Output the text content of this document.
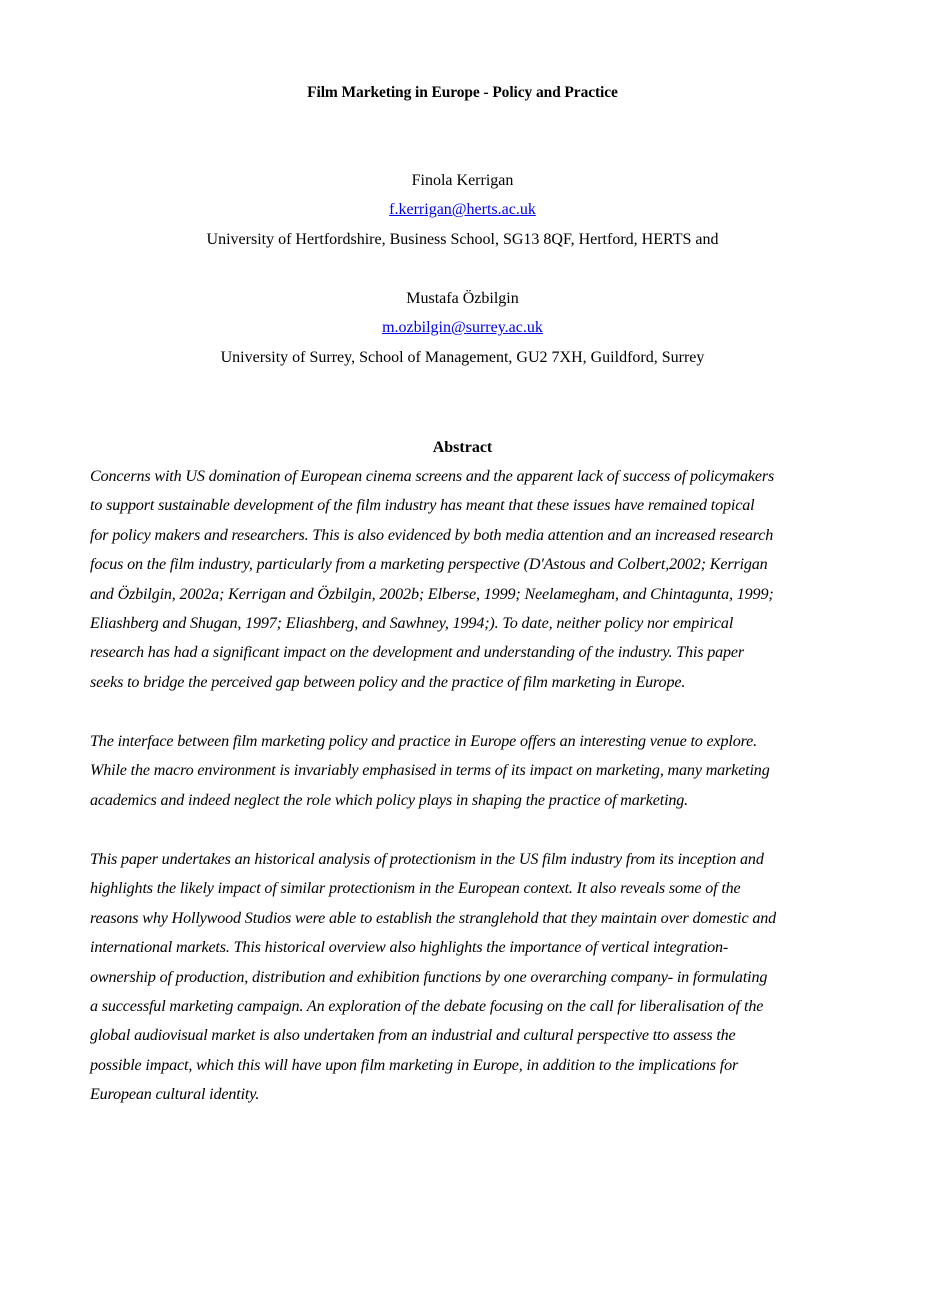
Film Marketing in Europe - Policy and Practice
Finola Kerrigan
f.kerrigan@herts.ac.uk
University of Hertfordshire, Business School, SG13 8QF, Hertford, HERTS and
Mustafa Özbilgin
m.ozbilgin@surrey.ac.uk
University of Surrey, School of Management, GU2 7XH, Guildford, Surrey
Abstract
Concerns with US domination of European cinema screens and the apparent lack of success of policymakers
to support sustainable development of the film industry has meant that these issues have remained topical
for policy makers and researchers. This is also evidenced by both media attention and an increased research
focus on the film industry, particularly from a marketing perspective (D'Astous and Colbert,2002; Kerrigan
and Özbilgin, 2002a; Kerrigan and Özbilgin, 2002b; Elberse, 1999; Neelamegham, and Chintagunta, 1999;
Eliashberg and Shugan, 1997; Eliashberg, and Sawhney, 1994;). To date, neither policy nor empirical
research has had a significant impact on the development and understanding of the industry. This paper
seeks to bridge the perceived gap between policy and the practice of film marketing in Europe.
The interface between film marketing policy and practice in Europe offers an interesting venue to explore.
While the macro environment is invariably emphasised in terms of its impact on marketing, many marketing
academics and indeed neglect the role which policy plays in shaping the practice of marketing.
This paper undertakes an historical analysis of protectionism in the US film industry from its inception and
highlights the likely impact of similar protectionism in the European context. It also reveals some of the
reasons why Hollywood Studios were able to establish the stranglehold that they maintain over domestic and
international markets. This historical overview also highlights the importance of vertical integration-
ownership of production, distribution and exhibition functions by one overarching company- in formulating
a successful marketing campaign. An exploration of the debate focusing on the call for liberalisation of the
global audiovisual market is also undertaken from an industrial and cultural perspective tto assess the
possible impact, which this will have upon film marketing in Europe, in addition to the implications for
European cultural identity.
